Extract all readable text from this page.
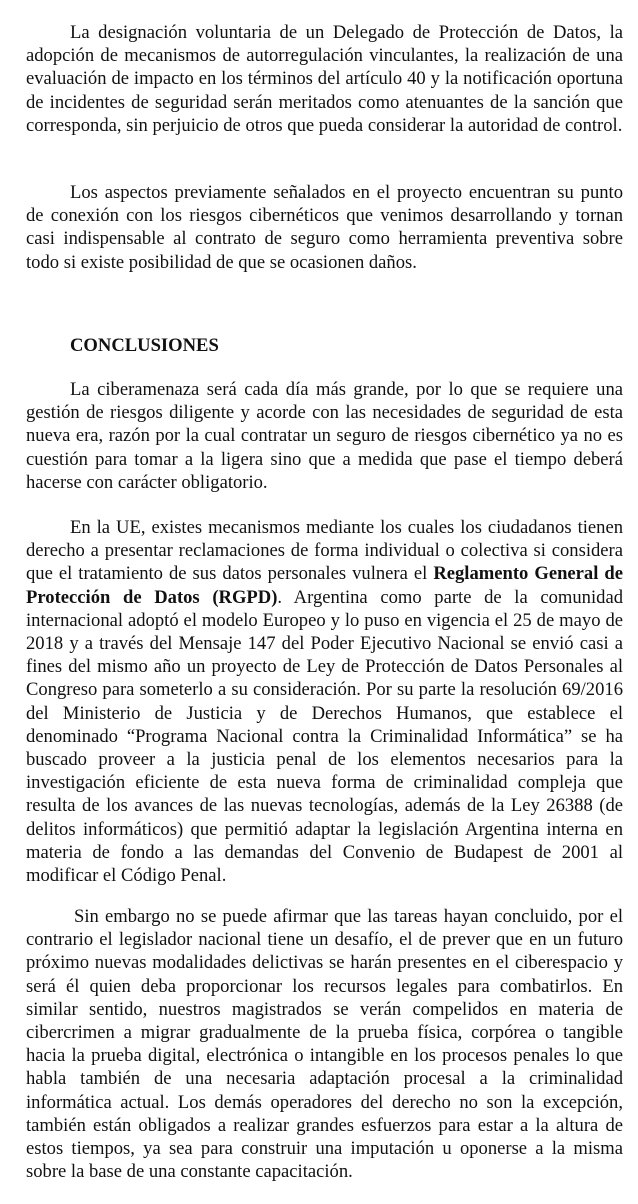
La designación voluntaria de un Delegado de Protección de Datos, la adopción de mecanismos de autorregulación vinculantes, la realización de una evaluación de impacto en los términos del artículo 40 y la notificación oportuna de incidentes de seguridad serán meritados como atenuantes de la sanción que corresponda, sin perjuicio de otros que pueda considerar la autoridad de control.

Los aspectos previamente señalados en el proyecto encuentran su punto de conexión con los riesgos cibernéticos que venimos desarrollando y tornan casi indispensable al contrato de seguro como herramienta preventiva sobre todo si existe posibilidad de que se ocasionen daños.

CONCLUSIONES

La ciberamenaza será cada día más grande, por lo que se requiere una gestión de riesgos diligente y acorde con las necesidades de seguridad de esta nueva era, razón por la cual contratar un seguro de riesgos cibernético ya no es cuestión para tomar a la ligera sino que a medida que pase el tiempo deberá hacerse con carácter obligatorio.

En la UE, existes mecanismos mediante los cuales los ciudadanos tienen derecho a presentar reclamaciones de forma individual o colectiva si considera que el tratamiento de sus datos personales vulnera el Reglamento General de Protección de Datos (RGPD). Argentina como parte de la comunidad internacional adoptó el modelo Europeo y lo puso en vigencia el 25 de mayo de 2018 y a través del Mensaje 147 del Poder Ejecutivo Nacional se envió casi a fines del mismo año un proyecto de Ley de Protección de Datos Personales al Congreso para someterlo a su consideración. Por su parte la resolución 69/2016 del Ministerio de Justicia y de Derechos Humanos, que establece el denominado “Programa Nacional contra la Criminalidad Informática” se ha buscado proveer a la justicia penal de los elementos necesarios para la investigación eficiente de esta nueva forma de criminalidad compleja que resulta de los avances de las nuevas tecnologías, además de la Ley 26388 (de delitos informáticos) que permitió adaptar la legislación Argentina interna en materia de fondo a las demandas del Convenio de Budapest de 2001 al modificar el Código Penal.

Sin embargo no se puede afirmar que las tareas hayan concluido, por el contrario el legislador nacional tiene un desafío, el de prever que en un futuro próximo nuevas modalidades delictivas se harán presentes en el ciberespacio y será él quien deba proporcionar los recursos legales para combatirlos. En similar sentido, nuestros magistrados se verán compelidos en materia de cibercrimen a migrar gradualmente de la prueba física, corpórea o tangible hacia la prueba digital, electrónica o intangible en los procesos penales lo que habla también de una necesaria adaptación procesal a la criminalidad informática actual. Los demás operadores del derecho no son la excepción, también están obligados a realizar grandes esfuerzos para estar a la altura de estos tiempos, ya sea para construir una imputación u oponerse a la misma sobre la base de una constante capacitación.
